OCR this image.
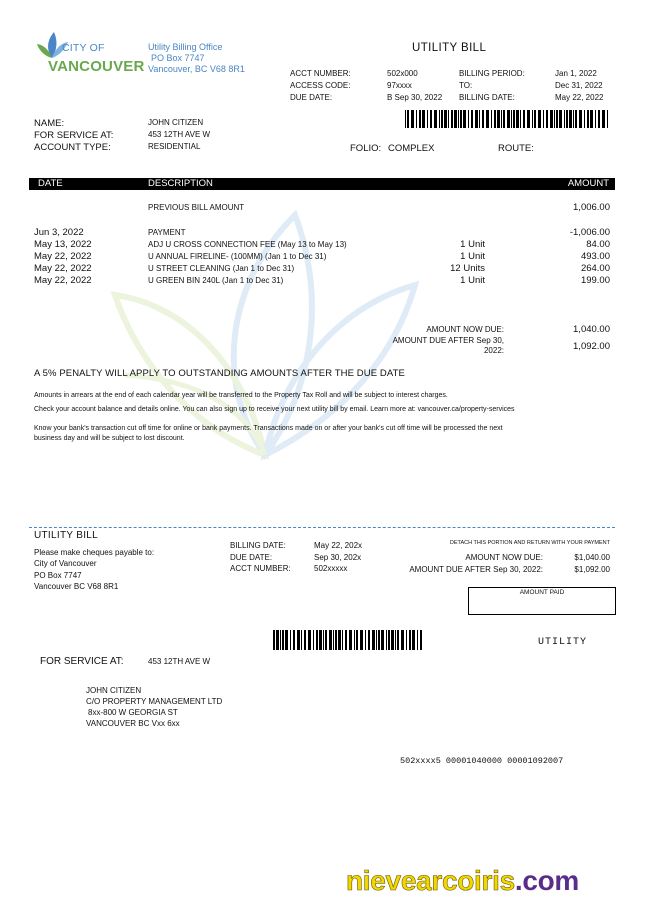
CITY OF
VANCOUVER
Utility Billing Office
PO Box 7747
Vancouver, BC V68 8R1
UTILITY BILL
ACCT NUMBER:	502x000
ACCESS CODE:	97xxxx
DUE DATE:	B Sep 30, 2022
BILLING PERIOD:	Jan 1, 2022
TO:	Dec 31, 2022
BILLING DATE:	May 22, 2022
NAME:	JOHN CITIZEN
FOR SERVICE AT:	453 12TH AVE W
ACCOUNT TYPE:	RESIDENTIAL	FOLIO: COMPLEX	ROUTE:
DATE	DESCRIPTION	AMOUNT
PREVIOUS BILL AMOUNT	1,006.00
Jun 3, 2022	PAYMENT	-1,006.00
May 13, 2022	ADJ U CROSS CONNECTION FEE (May 13 to May 13)	1 Unit	84.00
May 22, 2022	U ANNUAL FIRELINE- (100MM) (Jan 1 to Dec 31)	1 Unit	493.00
May 22, 2022	U STREET CLEANING (Jan 1 to Dec 31)	12 Units	264.00
May 22, 2022	U GREEN BIN 240L (Jan 1 to Dec 31)	1 Unit	199.00
AMOUNT NOW DUE:	1,040.00
AMOUNT DUE AFTER Sep 30,
2022:	1,092.00
A 5% PENALTY WILL APPLY TO OUTSTANDING AMOUNTS AFTER THE DUE DATE
Amounts in arrears at the end of each calendar year will be transferred to the Property Tax Roll and will be subject to interest charges.
Check your account balance and details online. You can also sign up to receive your next utility bill by email. Learn more at: vancouver.ca/property-services
Know your bank's transaction cut off time for online or bank payments. Transactions made on or after your bank's cut off time will be processed the next
business day and will be subject to lost discount.
UTILITY BILL
Please make cheques payable to:
City of Vancouver
PO Box 7747
Vancouver BC V68 8R1
BILLING DATE:	May 22, 202x
DUE DATE:	Sep 30, 202x
ACCT NUMBER:	502xxxxx
DETACH THIS PORTION AND RETURN WITH YOUR PAYMENT
AMOUNT NOW DUE:	$1,040.00
AMOUNT DUE AFTER Sep 30, 2022:	$1,092.00
AMOUNT PAID
UTILITY
FOR SERVICE AT:	453 12TH AVE W
JOHN CITIZEN
C/O PROPERTY MANAGEMENT LTD
8xx-800 W GEORGIA ST
VANCOUVER BC Vxx 6xx
502xxxx5 00001040000 00001092007
nievearcoiris.com
